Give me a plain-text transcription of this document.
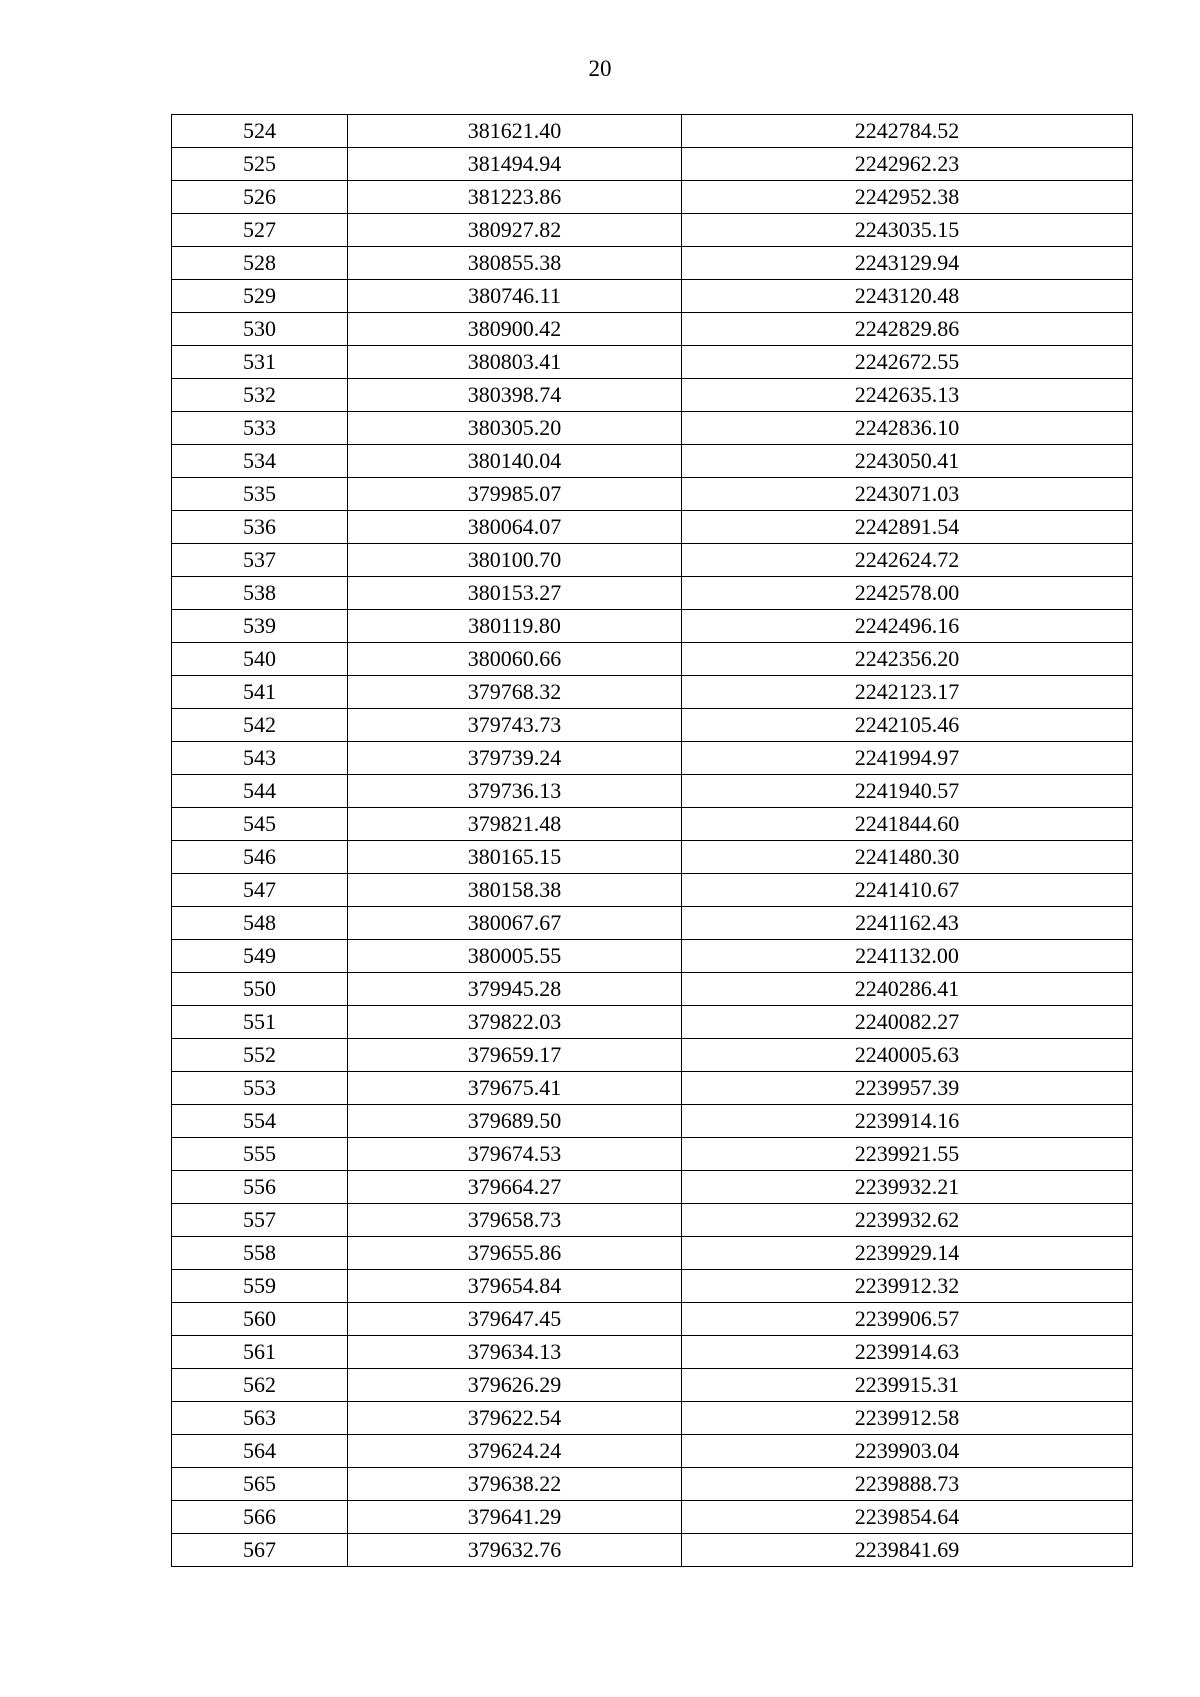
20
524	381621.40	2242784.52
525	381494.94	2242962.23
526	381223.86	2242952.38
527	380927.82	2243035.15
528	380855.38	2243129.94
529	380746.11	2243120.48
530	380900.42	2242829.86
531	380803.41	2242672.55
532	380398.74	2242635.13
533	380305.20	2242836.10
534	380140.04	2243050.41
535	379985.07	2243071.03
536	380064.07	2242891.54
537	380100.70	2242624.72
538	380153.27	2242578.00
539	380119.80	2242496.16
540	380060.66	2242356.20
541	379768.32	2242123.17
542	379743.73	2242105.46
543	379739.24	2241994.97
544	379736.13	2241940.57
545	379821.48	2241844.60
546	380165.15	2241480.30
547	380158.38	2241410.67
548	380067.67	2241162.43
549	380005.55	2241132.00
550	379945.28	2240286.41
551	379822.03	2240082.27
552	379659.17	2240005.63
553	379675.41	2239957.39
554	379689.50	2239914.16
555	379674.53	2239921.55
556	379664.27	2239932.21
557	379658.73	2239932.62
558	379655.86	2239929.14
559	379654.84	2239912.32
560	379647.45	2239906.57
561	379634.13	2239914.63
562	379626.29	2239915.31
563	379622.54	2239912.58
564	379624.24	2239903.04
565	379638.22	2239888.73
566	379641.29	2239854.64
567	379632.76	2239841.69
